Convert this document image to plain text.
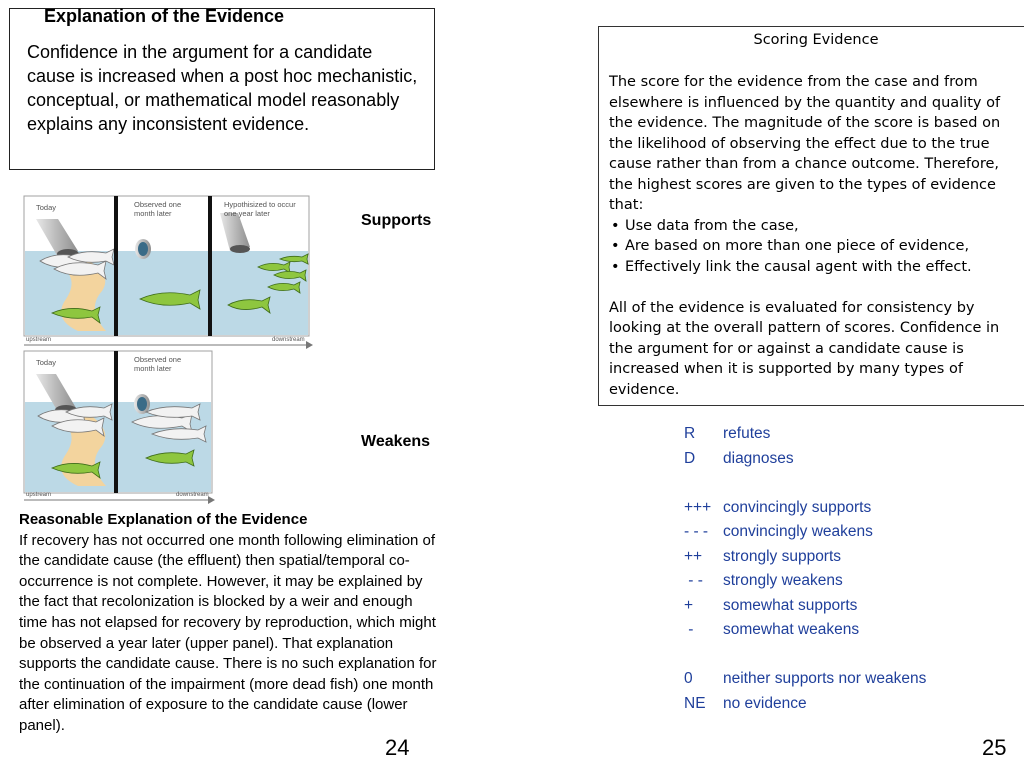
Explanation of the Evidence
Confidence in the argument for a candidate cause is increased when a post hoc mechanistic, conceptual, or mathematical model reasonably explains any inconsistent evidence.
Scoring Evidence

The score for the evidence from the case and from elsewhere is influenced by the quantity and quality of the evidence. The magnitude of the score is based on the likelihood of observing the effect due to the true cause rather than from a chance outcome. Therefore, the highest scores are given to the types of evidence that:

• Use data from the case,
• Are based on more than one piece of evidence,
• Effectively link the causal agent with the effect.

All of the evidence is evaluated for consistency by looking at the overall pattern of scores. Confidence in the argument for or against a candidate cause is increased when it is supported by many types of evidence.

Today	Observed one month later
Hypothisized to occur one year later
upstream	downstream
Today	Observed one month later
upstream	downstream
Supports
Weakens
Reasonable Explanation of the Evidence
If recovery has not occurred one month following elimination of the candidate cause (the effluent) then spatial/temporal co-occurrence is not complete. However, it may be explained by the fact that recolonization is blocked by a weir and enough time has not elapsed for recovery by reproduction, which might be observed a year later (upper panel). That explanation supports the candidate cause. There is no such explanation for the continuation of the impairment (more dead fish) one month after elimination of exposure to the candidate cause (lower panel).
R	refutes
D	diagnoses
+++ convincingly supports
- - - convincingly weakens
++	strongly supports
- -	strongly weakens
+	somewhat supports
-	somewhat weakens
0	neither supports nor weakens
NE	no evidence
24	25
